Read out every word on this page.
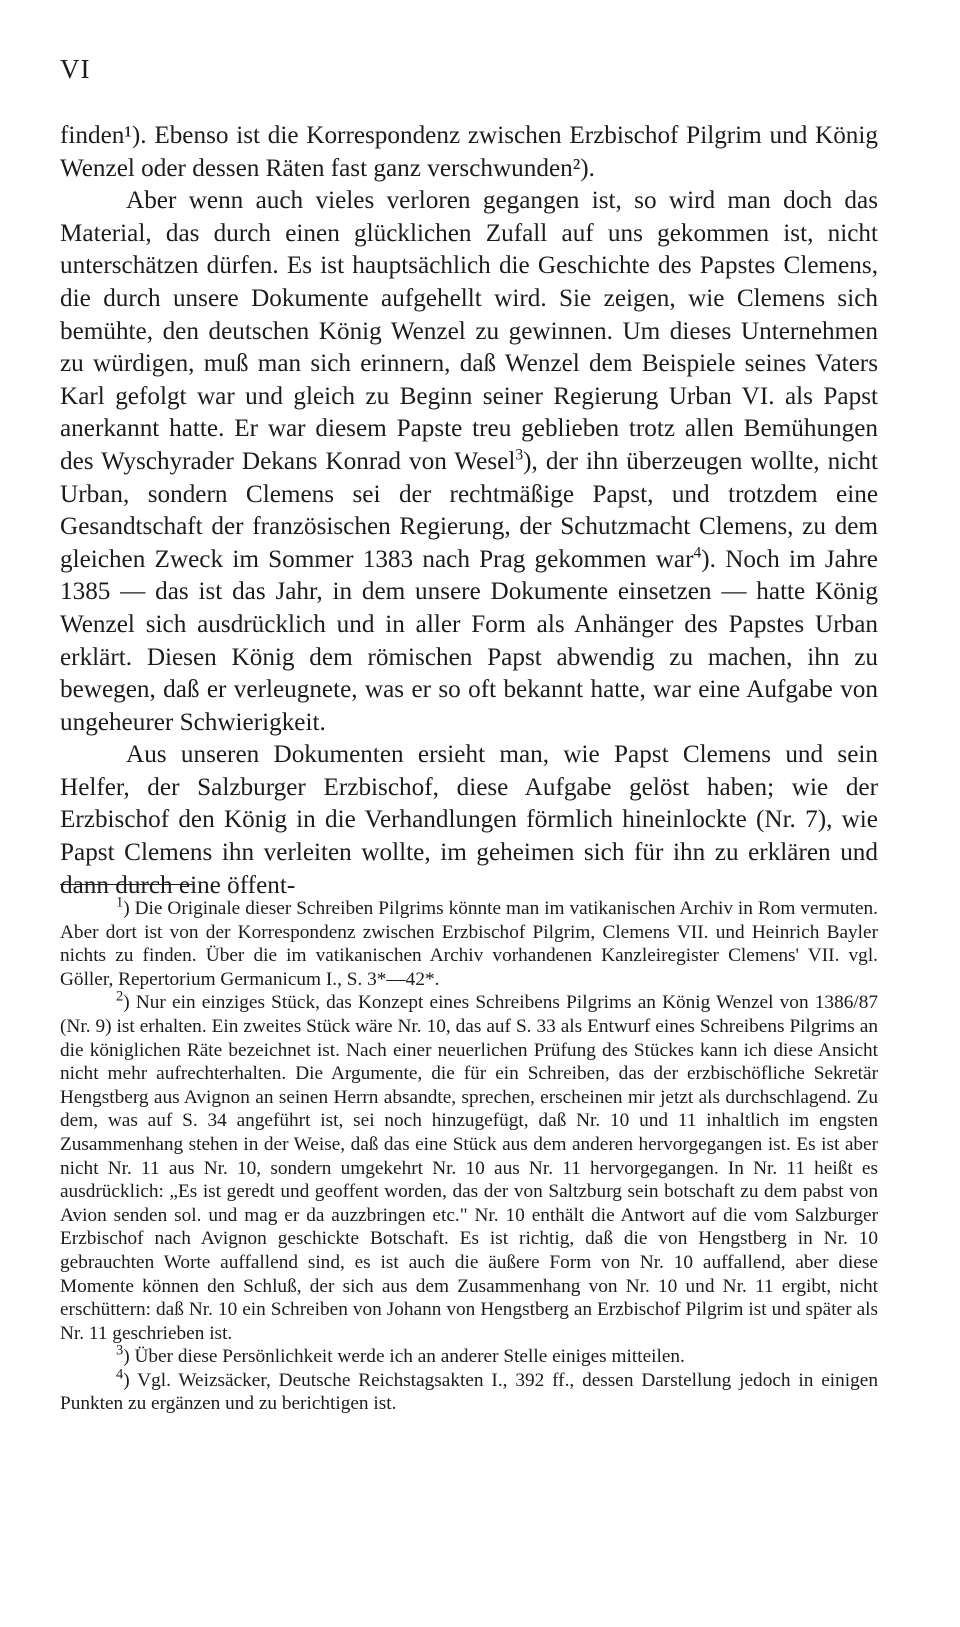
VI

finden¹). Ebenso ist die Korrespondenz zwischen Erzbischof Pilgrim und König Wenzel oder dessen Räten fast ganz verschwunden²).

Aber wenn auch vieles verloren gegangen ist, so wird man doch das Material, das durch einen glücklichen Zufall auf uns gekommen ist, nicht unterschätzen dürfen. Es ist hauptsächlich die Geschichte des Papstes Clemens, die durch unsere Dokumente aufgehellt wird. Sie zeigen, wie Clemens sich bemühte, den deutschen König Wenzel zu gewinnen. Um dieses Unternehmen zu würdigen, muß man sich erinnern, daß Wenzel dem Beispiele seines Vaters Karl gefolgt war und gleich zu Beginn seiner Regierung Urban VI. als Papst anerkannt hatte. Er war diesem Papste treu geblieben trotz allen Bemühungen des Wyschyrader Dekans Konrad von Wesel$^3$), der ihn überzeugen wollte, nicht Urban, sondern Clemens sei der rechtmäßige Papst, und trotzdem eine Gesandtschaft der französischen Regierung, der Schutzmacht Clemens, zu dem gleichen Zweck im Sommer 1383 nach Prag gekommen war$^4$). Noch im Jahre 1385 — das ist das Jahr, in dem unsere Dokumente einsetzen — hatte König Wenzel sich ausdrücklich und in aller Form als Anhänger des Papstes Urban erklärt. Diesen König dem römischen Papst abwendig zu machen, ihn zu bewegen, daß er verleugnete, was er so oft bekannt hatte, war eine Aufgabe von ungeheurer Schwierigkeit.

Aus unseren Dokumenten ersieht man, wie Papst Clemens und sein Helfer, der Salzburger Erzbischof, diese Aufgabe gelöst haben; wie der Erzbischof den König in die Verhandlungen förmlich hineinlockte (Nr. 7), wie Papst Clemens ihn verleiten wollte, im geheimen sich für ihn zu erklären und dann durch eine öffent-

$^1$) Die Originale dieser Schreiben Pilgrims könnte man im vatikanischen Archiv in Rom vermuten. Aber dort ist von der Korrespondenz zwischen Erzbischof Pilgrim, Clemens VII. und Heinrich Bayler nichts zu finden. Über die im vatikanischen Archiv vorhandenen Kanzleiregister Clemens' VII. vgl. Göller, Repertorium Germanicum I., S. 3*—42*.

$^2$) Nur ein einziges Stück, das Konzept eines Schreibens Pilgrims an König Wenzel von 1386/87 (Nr. 9) ist erhalten. Ein zweites Stück wäre Nr. 10, das auf S. 33 als Entwurf eines Schreibens Pilgrims an die königlichen Räte bezeichnet ist. Nach einer neuerlichen Prüfung des Stückes kann ich diese Ansicht nicht mehr aufrechterhalten. Die Argumente, die für ein Schreiben, das der erzbischöfliche Sekretär Hengstberg aus Avignon an seinen Herrn absandte, sprechen, erscheinen mir jetzt als durchschlagend. Zu dem, was auf S. 34 angeführt ist, sei noch hinzugefügt, daß Nr. 10 und 11 inhaltlich im engsten Zusammenhang stehen in der Weise, daß das eine Stück aus dem anderen hervorgegangen ist. Es ist aber nicht Nr. 11 aus Nr. 10, sondern umgekehrt Nr. 10 aus Nr. 11 hervorgegangen. In Nr. 11 heißt es ausdrücklich: „Es ist geredt und geoffent worden, das der von Saltzburg sein botschaft zu dem pabst von Avion senden sol. und mag er da auzzbringen etc." Nr. 10 enthält die Antwort auf die vom Salzburger Erzbischof nach Avignon geschickte Botschaft. Es ist richtig, daß die von Hengstberg in Nr. 10 gebrauchten Worte auffallend sind, es ist auch die äußere Form von Nr. 10 auffallend, aber diese Momente können den Schluß, der sich aus dem Zusammenhang von Nr. 10 und Nr. 11 ergibt, nicht erschüttern: daß Nr. 10 ein Schreiben von Johann von Hengstberg an Erzbischof Pilgrim ist und später als Nr. 11 geschrieben ist.

$^3$) Über diese Persönlichkeit werde ich an anderer Stelle einiges mitteilen.

$^4$) Vgl. Weizsäcker, Deutsche Reichstagsakten I., 392 ff., dessen Darstellung jedoch in einigen Punkten zu ergänzen und zu berichtigen ist.
